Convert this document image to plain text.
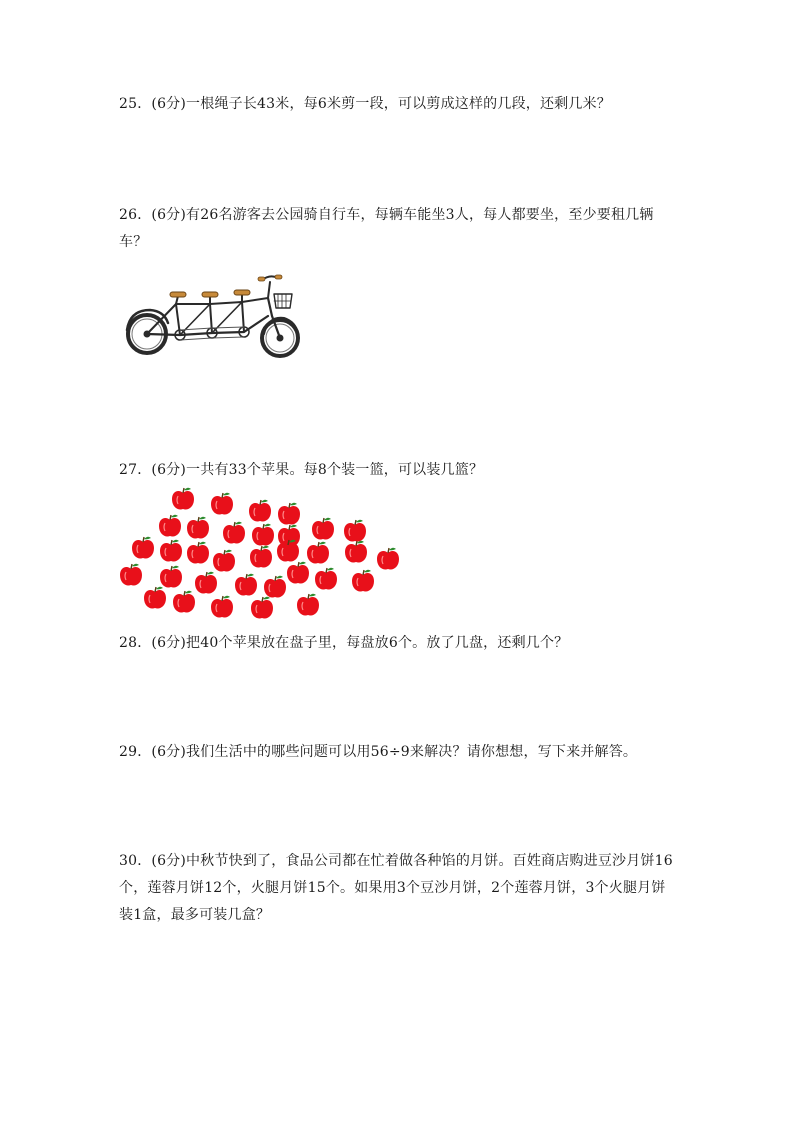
25．(6分)一根绳子长43米，每6米剪一段，可以剪成这样的几段，还剩几米？
26．(6分)有26名游客去公园骑自行车，每辆车能坐3人，每人都要坐，至少要租几辆车？
27．(6分)一共有33个苹果。每8个装一篮，可以装几篮？
28．(6分)把40个苹果放在盘子里，每盘放6个。放了几盘，还剩几个？
29．(6分)我们生活中的哪些问题可以用56÷9来解决？请你想想，写下来并解答。
30．(6分)中秋节快到了，食品公司都在忙着做各种馅的月饼。百姓商店购进豆沙月饼16个，莲蓉月饼12个，火腿月饼15个。如果用3个豆沙月饼，2个莲蓉月饼，3个火腿月饼装1盒，最多可装几盒？
